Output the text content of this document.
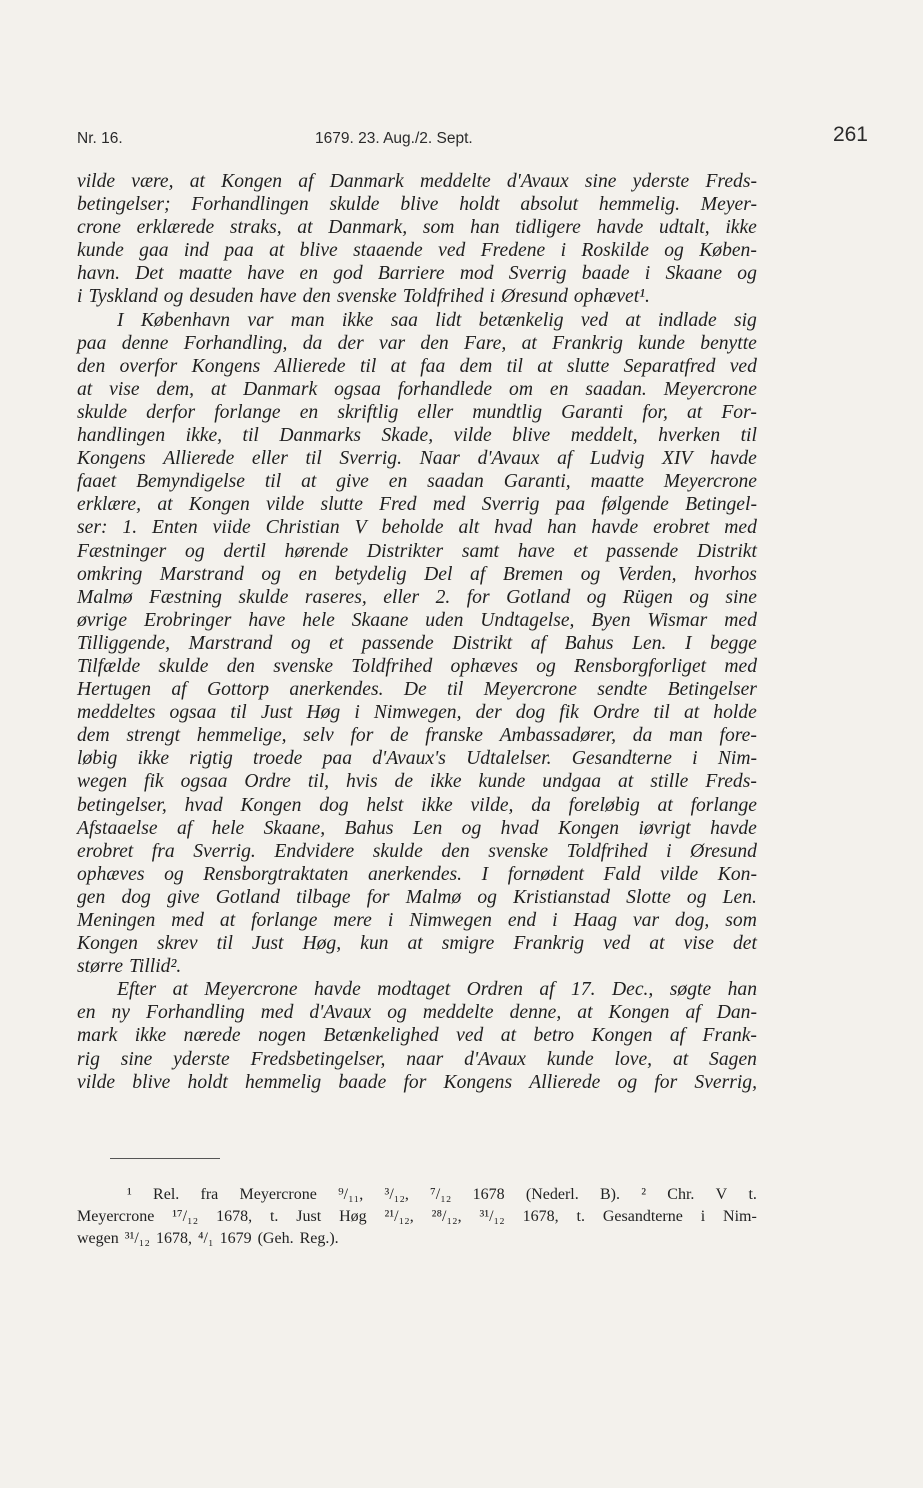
Nr. 16.	1679. 23. Aug./2. Sept.	261
vilde være, at Kongen af Danmark meddelte d'Avaux sine yderste Freds-
betingelser; Forhandlingen skulde blive holdt absolut hemmelig. Meyer-
crone erklærede straks, at Danmark, som han tidligere havde udtalt, ikke
kunde gaa ind paa at blive staaende ved Fredene i Roskilde og Køben-
havn. Det maatte have en god Barriere mod Sverrig baade i Skaane og
i Tyskland og desuden have den svenske Toldfrihed i Øresund ophævet¹.
I København var man ikke saa lidt betænkelig ved at indlade sig
paa denne Forhandling, da der var den Fare, at Frankrig kunde benytte
den overfor Kongens Allierede til at faa dem til at slutte Separatfred ved
at vise dem, at Danmark ogsaa forhandlede om en saadan. Meyercrone
skulde derfor forlange en skriftlig eller mundtlig Garanti for, at For-
handlingen ikke, til Danmarks Skade, vilde blive meddelt, hverken til
Kongens Allierede eller til Sverrig. Naar d'Avaux af Ludvig XIV havde
faaet Bemyndigelse til at give en saadan Garanti, maatte Meyercrone
erklære, at Kongen vilde slutte Fred med Sverrig paa følgende Betingel-
ser: 1. Enten viide Christian V beholde alt hvad han havde erobret med
Fæstninger og dertil hørende Distrikter samt have et passende Distrikt
omkring Marstrand og en betydelig Del af Bremen og Verden, hvorhos
Malmø Fæstning skulde raseres, eller 2. for Gotland og Rügen og sine
øvrige Erobringer have hele Skaane uden Undtagelse, Byen Wismar med
Tilliggende, Marstrand og et passende Distrikt af Bahus Len. I begge
Tilfælde skulde den svenske Toldfrihed ophæves og Rensborgforliget med
Hertugen af Gottorp anerkendes. De til Meyercrone sendte Betingelser
meddeltes ogsaa til Just Høg i Nimwegen, der dog fik Ordre til at holde
dem strengt hemmelige, selv for de franske Ambassadører, da man fore-
løbig ikke rigtig troede paa d'Avaux's Udtalelser. Gesandterne i Nim-
wegen fik ogsaa Ordre til, hvis de ikke kunde undgaa at stille Freds-
betingelser, hvad Kongen dog helst ikke vilde, da foreløbig at forlange
Afstaaelse af hele Skaane, Bahus Len og hvad Kongen iøvrigt havde
erobret fra Sverrig. Endvidere skulde den svenske Toldfrihed i Øresund
ophæves og Rensborgtraktaten anerkendes. I fornødent Fald vilde Kon-
gen dog give Gotland tilbage for Malmø og Kristianstad Slotte og Len.
Meningen med at forlange mere i Nimwegen end i Haag var dog, som
Kongen skrev til Just Høg, kun at smigre Frankrig ved at vise det
større Tillid².
Efter at Meyercrone havde modtaget Ordren af 17. Dec., søgte han
en ny Forhandling med d'Avaux og meddelte denne, at Kongen af Dan-
mark ikke nærede nogen Betænkelighed ved at betro Kongen af Frank-
rig sine yderste Fredsbetingelser, naar d'Avaux kunde love, at Sagen
vilde blive holdt hemmelig baade for Kongens Allierede og for Sverrig,
¹ Rel. fra Meyercrone ⁹/₁₁, ³/₁₂, ⁷/₁₂ 1678 (Nederl. B). ² Chr. V t.
Meyercrone ¹⁷/₁₂ 1678, t. Just Høg ²¹/₁₂, ²⁸/₁₂, ³¹/₁₂ 1678, t. Gesandterne i Nim-
wegen ³¹/₁₂ 1678, ⁴/₁ 1679 (Geh. Reg.).
